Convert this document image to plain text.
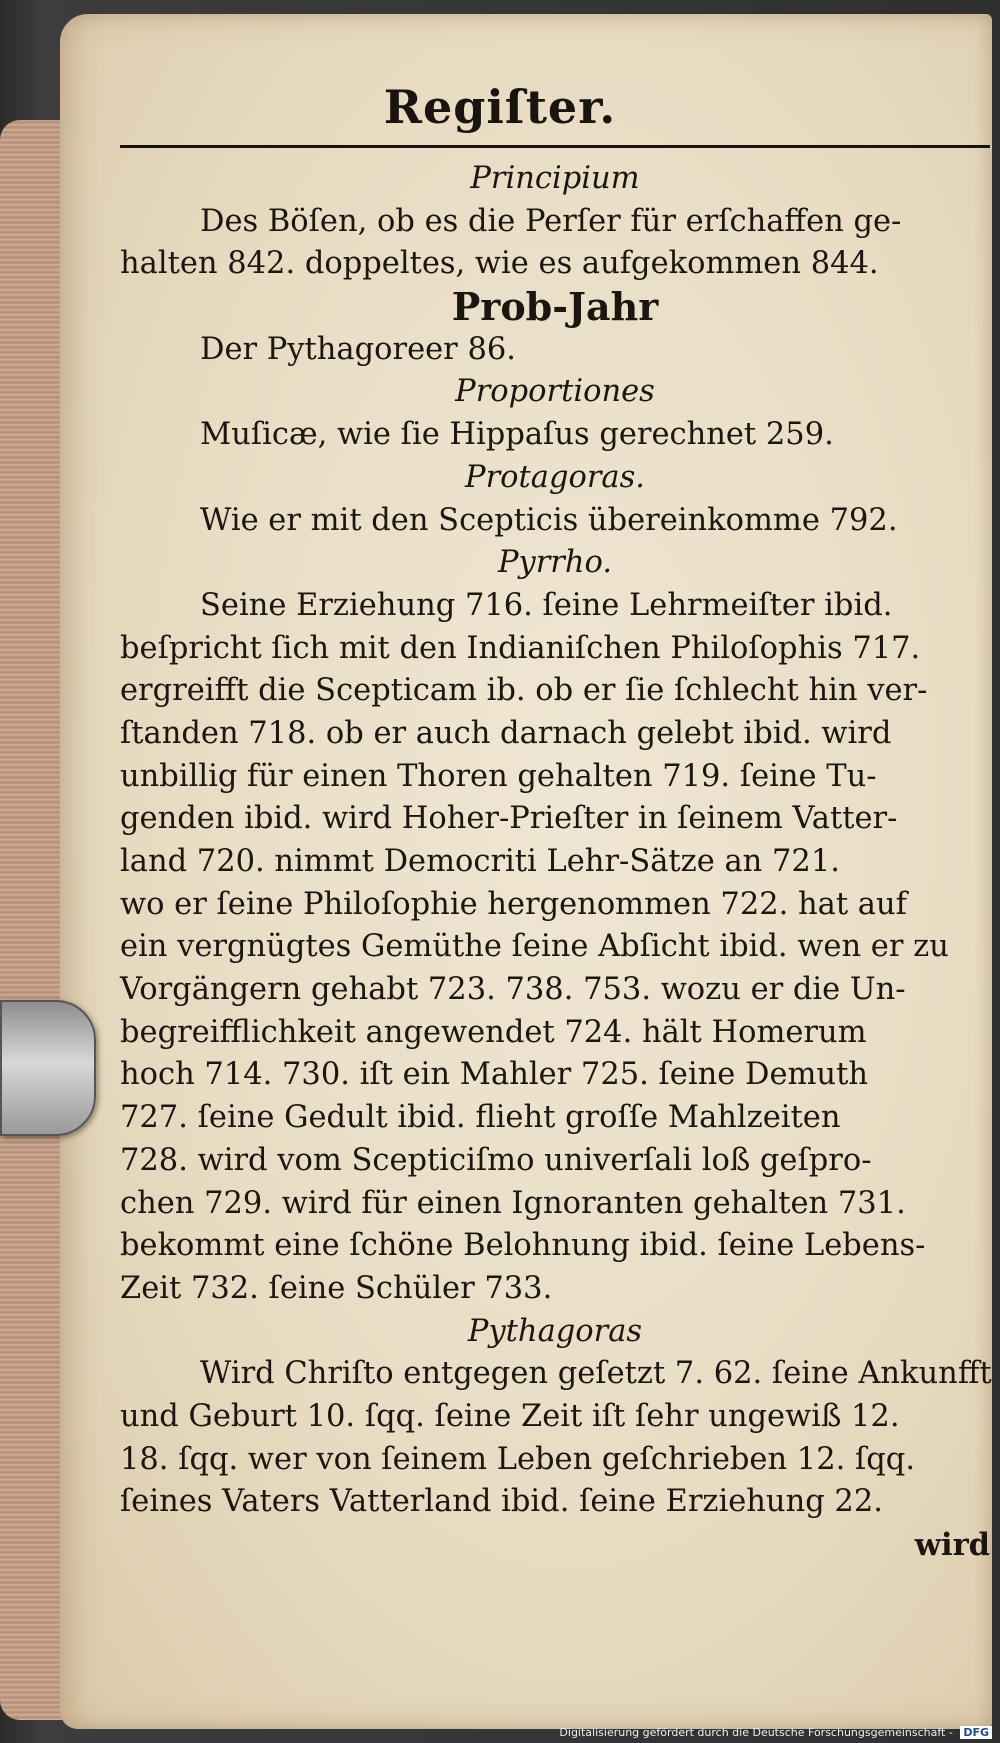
Regiſter.
Principium
Des Böſen, ob es die Perſer für erſchaffen ge-
halten 842. doppeltes, wie es aufgekommen 844.
Prob-Jahr
Der Pythagoreer 86.
Proportiones
Muſicæ, wie ſie Hippaſus gerechnet 259.
Protagoras.
Wie er mit den Scepticis übereinkomme 792.
Pyrrho.
Seine Erziehung 716. ſeine Lehrmeiſter ibid.
beſpricht ſich mit den Indianiſchen Philoſophis 717.
ergreifft die Scepticam ib. ob er ſie ſchlecht hin ver-
ſtanden 718. ob er auch darnach gelebt ibid. wird
unbillig für einen Thoren gehalten 719. ſeine Tu-
genden ibid. wird Hoher-Prieſter in ſeinem Vatter-
land 720. nimmt Democriti Lehr-Sätze an 721.
wo er ſeine Philoſophie hergenommen 722. hat auf
ein vergnügtes Gemüthe ſeine Abſicht ibid. wen er zu
Vorgängern gehabt 723. 738. 753. wozu er die Un-
begreifflichkeit angewendet 724. hält Homerum
hoch 714. 730. iſt ein Mahler 725. ſeine Demuth
727. ſeine Gedult ibid. flieht groſſe Mahlzeiten
728. wird vom Scepticiſmo univerſali loß geſpro-
chen 729. wird für einen Ignoranten gehalten 731.
bekommt eine ſchöne Belohnung ibid. ſeine Lebens-
Zeit 732. ſeine Schüler 733.
Pythagoras
Wird Chriſto entgegen geſetzt 7. 62. ſeine Ankunfft
und Geburt 10. ſqq. ſeine Zeit iſt ſehr ungewiß 12.
18. ſqq. wer von ſeinem Leben geſchrieben 12. ſqq.
ſeines Vaters Vatterland ibid. ſeine Erziehung 22.
wird
Digitalisierung gefördert durch die Deutsche Forschungsgemeinschaft - DFG
